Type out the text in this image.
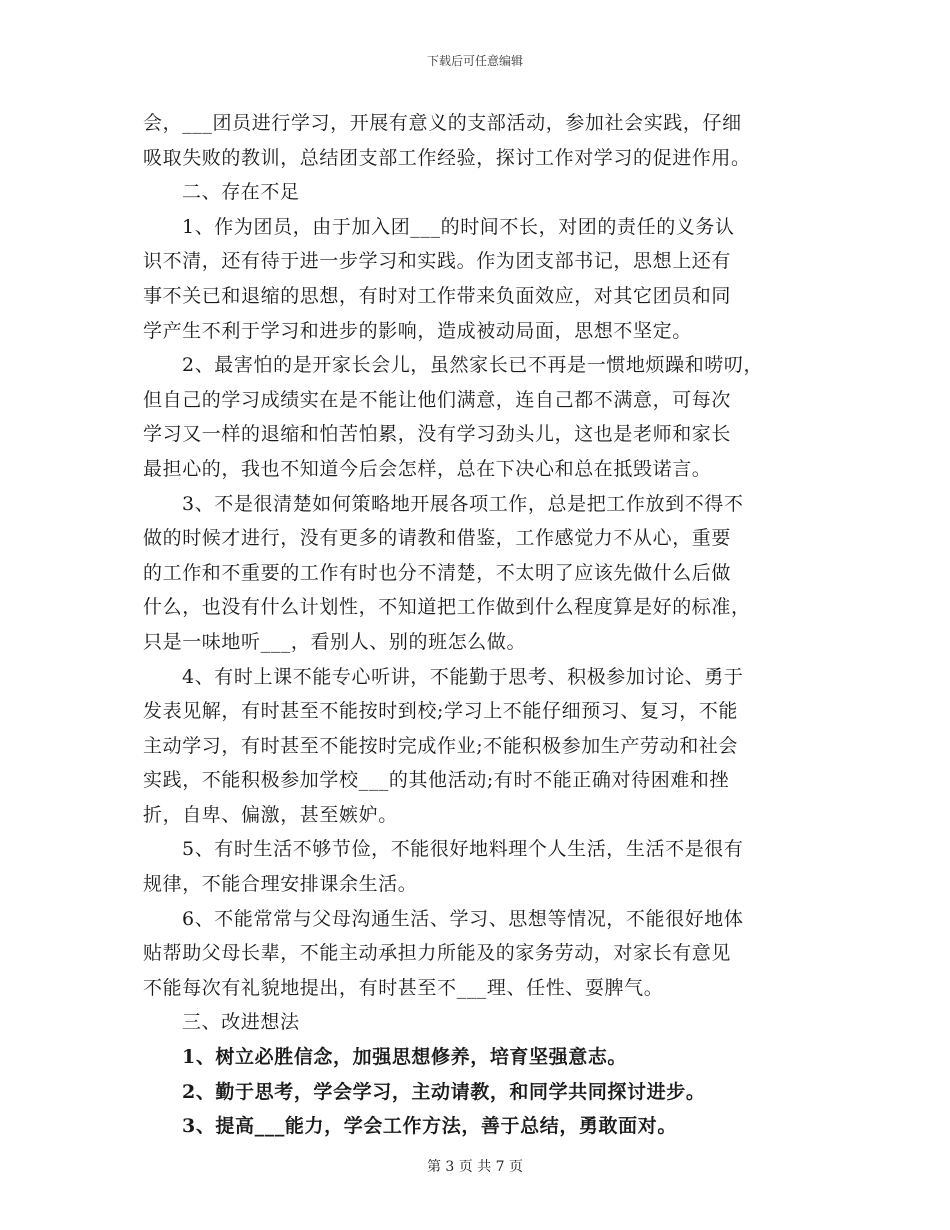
下载后可任意编辑
会，___团员进行学习，开展有意义的支部活动，参加社会实践，仔细
吸取失败的教训，总结团支部工作经验，探讨工作对学习的促进作用。
二、存在不足
1、作为团员，由于加入团___的时间不长，对团的责任的义务认
识不清，还有待于进一步学习和实践。作为团支部书记，思想上还有
事不关已和退缩的思想，有时对工作带来负面效应，对其它团员和同
学产生不利于学习和进步的影响，造成被动局面，思想不坚定。
2、最害怕的是开家长会儿，虽然家长已不再是一惯地烦躁和唠叨，
但自己的学习成绩实在是不能让他们满意，连自己都不满意，可每次
学习又一样的退缩和怕苦怕累，没有学习劲头儿，这也是老师和家长
最担心的，我也不知道今后会怎样，总在下决心和总在抵毁诺言。
3、不是很清楚如何策略地开展各项工作，总是把工作放到不得不
做的时候才进行，没有更多的请教和借鉴，工作感觉力不从心，重要
的工作和不重要的工作有时也分不清楚，不太明了应该先做什么后做
什么，也没有什么计划性，不知道把工作做到什么程度算是好的标准，
只是一味地听___，看别人、别的班怎么做。
4、有时上课不能专心听讲，不能勤于思考、积极参加讨论、勇于
发表见解，有时甚至不能按时到校;学习上不能仔细预习、复习，不能
主动学习，有时甚至不能按时完成作业;不能积极参加生产劳动和社会
实践，不能积极参加学校___的其他活动;有时不能正确对待困难和挫
折，自卑、偏激，甚至嫉妒。
5、有时生活不够节俭，不能很好地料理个人生活，生活不是很有
规律，不能合理安排课余生活。
6、不能常常与父母沟通生活、学习、思想等情况，不能很好地体
贴帮助父母长辈，不能主动承担力所能及的家务劳动，对家长有意见
不能每次有礼貌地提出，有时甚至不___理、任性、耍脾气。
三、改进想法
1、树立必胜信念，加强思想修养，培育坚强意志。
2、勤于思考，学会学习，主动请教，和同学共同探讨进步。
3、提高___能力，学会工作方法，善于总结，勇敢面对。
第 3 页 共 7 页
